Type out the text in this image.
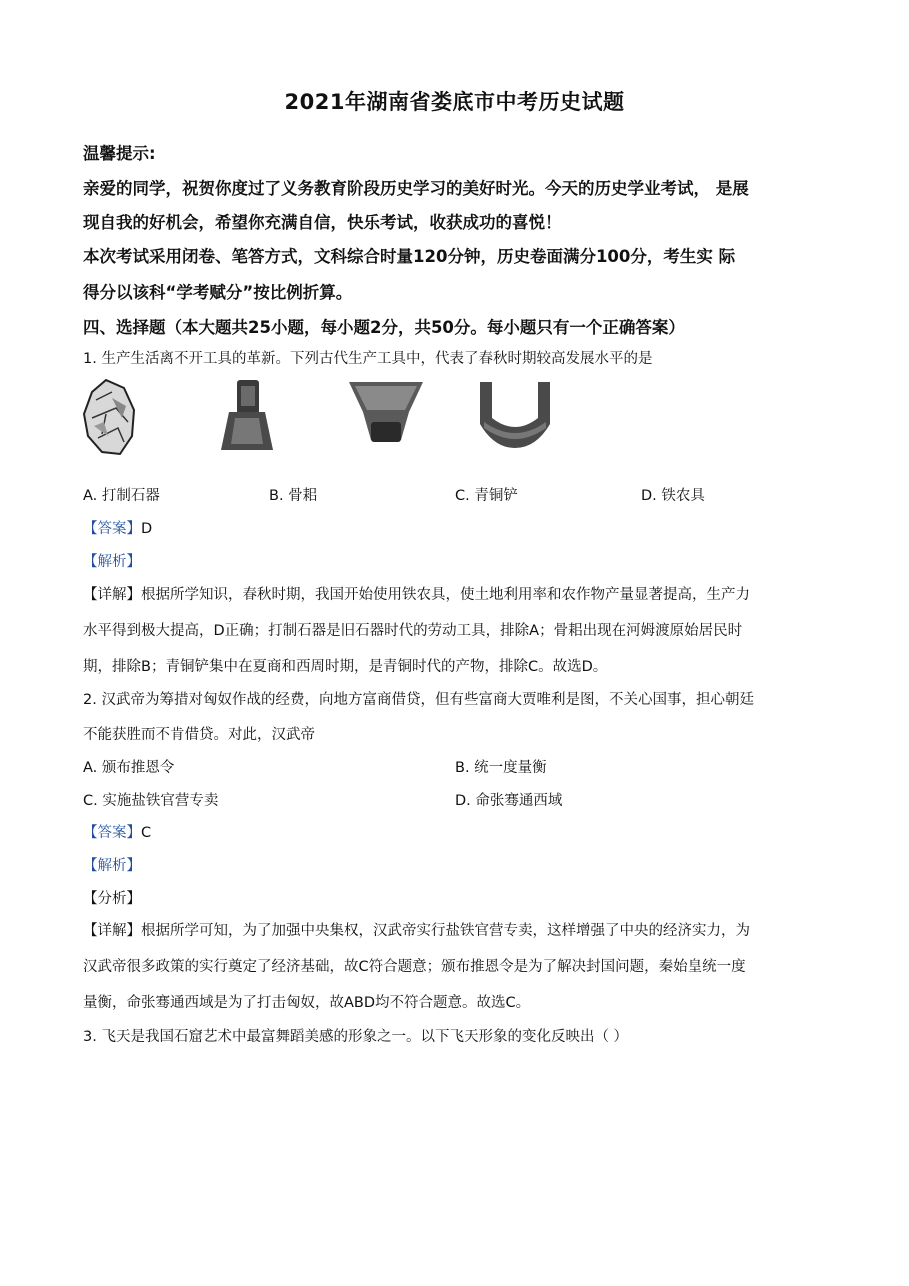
2021年湖南省娄底市中考历史试题
温馨提示:
亲爱的同学，祝贺你度过了义务教育阶段历史学习的美好时光。今天的历史学业考试， 是展
现自我的好机会，希望你充满自信，快乐考试，收获成功的喜悦！
本次考试采用闭卷、笔答方式，文科综合时量120分钟，历史卷面满分100分，考生实 际
得分以该科“学考赋分”按比例折算。
四、选择题（本大题共25小题，每小题2分，共50分。每小题只有一个正确答案）
1. 生产生活离不开工具的革新。下列古代生产工具中，代表了春秋时期较高发展水平的是
A. 打制石器	B. 骨耜	C. 青铜铲	D. 铁农具
【答案】D
【解析】
【详解】根据所学知识，春秋时期，我国开始使用铁农具，使土地利用率和农作物产量显著提高，生产力
水平得到极大提高，D正确；打制石器是旧石器时代的劳动工具，排除A；骨耜出现在河姆渡原始居民时
期，排除B；青铜铲集中在夏商和西周时期，是青铜时代的产物，排除C。故选D。
2. 汉武帝为筹措对匈奴作战的经费，向地方富商借贷，但有些富商大贾唯利是图，不关心国事，担心朝廷
不能获胜而不肯借贷。对此，汉武帝
A. 颁布推恩令	B. 统一度量衡
C. 实施盐铁官营专卖	D. 命张骞通西域
【答案】C
【解析】
【分析】
【详解】根据所学可知，为了加强中央集权，汉武帝实行盐铁官营专卖，这样增强了中央的经济实力，为
汉武帝很多政策的实行奠定了经济基础，故C符合题意；颁布推恩令是为了解决封国问题，秦始皇统一度
量衡，命张骞通西域是为了打击匈奴，故ABD均不符合题意。故选C。
3. 飞天是我国石窟艺术中最富舞蹈美感的形象之一。以下飞天形象的变化反映出（ ）
